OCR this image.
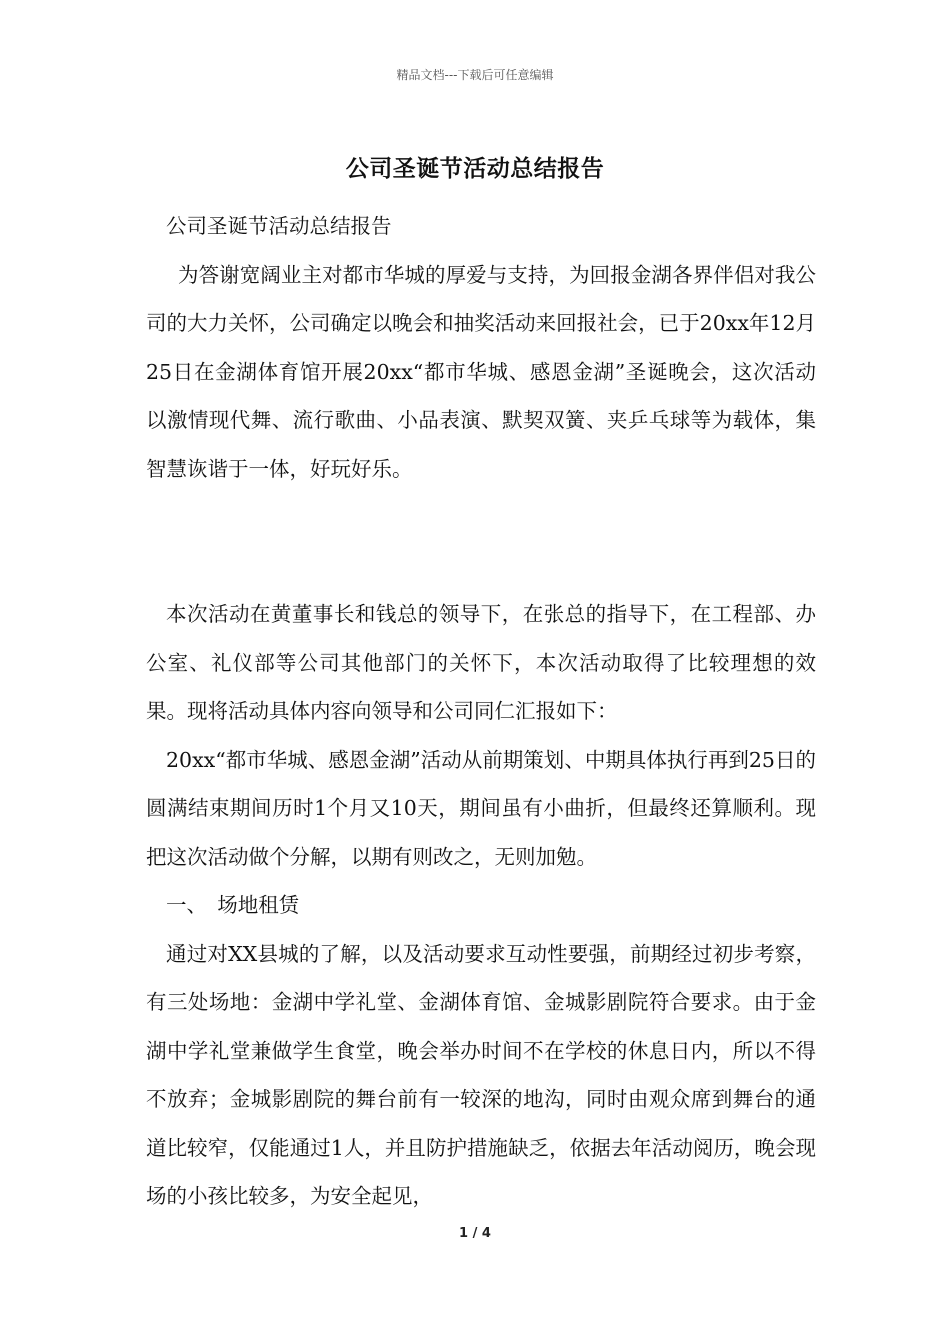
精品文档---下载后可任意编辑
公司圣诞节活动总结报告

公司圣诞节活动总结报告

为答谢宽阔业主对都市华城的厚爱与支持，为回报金湖各界伴侣对我公司的大力关怀，公司确定以晚会和抽奖活动来回报社会，已于20xx年12月25日在金湖体育馆开展20xx“都市华城、感恩金湖”圣诞晚会，这次活动以激情现代舞、流行歌曲、小品表演、默契双簧、夹乒乓球等为载体，集智慧诙谐于一体，好玩好乐。

本次活动在黄董事长和钱总的领导下，在张总的指导下，在工程部、办公室、礼仪部等公司其他部门的关怀下，本次活动取得了比较理想的效果。现将活动具体内容向领导和公司同仁汇报如下：

20xx“都市华城、感恩金湖”活动从前期策划、中期具体执行再到25日的圆满结束期间历时1个月又10天，期间虽有小曲折，但最终还算顺利。现把这次活动做个分解，以期有则改之，无则加勉。

一、　场地租赁

通过对XX县城的了解，以及活动要求互动性要强，前期经过初步考察，有三处场地：金湖中学礼堂、金湖体育馆、金城影剧院符合要求。由于金湖中学礼堂兼做学生食堂，晚会举办时间不在学校的休息日内，所以不得不放弃；金城影剧院的舞台前有一较深的地沟，同时由观众席到舞台的通道比较窄，仅能通过1人，并且防护措施缺乏，依据去年活动阅历，晚会现场的小孩比较多，为安全起见，

1 / 4
